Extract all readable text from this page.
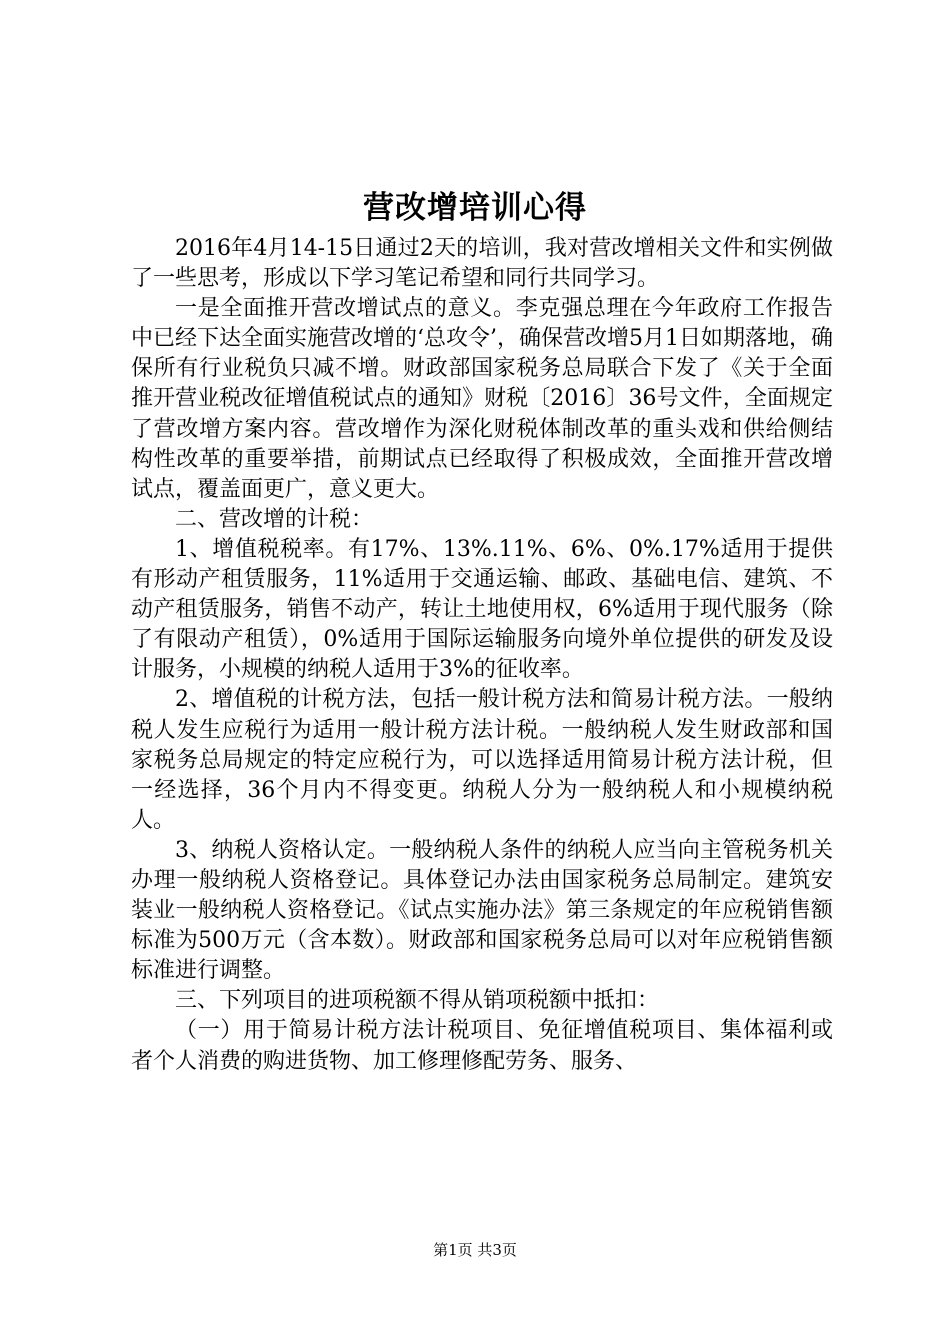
营改增培训心得

2016年4月14-15日通过2天的培训，我对营改增相关文件和实例做了一些思考，形成以下学习笔记希望和同行共同学习。

一是全面推开营改增试点的意义。李克强总理在今年政府工作报告中已经下达全面实施营改增的‘总攻令’，确保营改增5月1日如期落地，确保所有行业税负只减不增。财政部国家税务总局联合下发了《关于全面推开营业税改征增值税试点的通知》财税〔2016〕36号文件，全面规定了营改增方案内容。营改增作为深化财税体制改革的重头戏和供给侧结构性改革的重要举措，前期试点已经取得了积极成效，全面推开营改增试点，覆盖面更广，意义更大。

二、营改增的计税：

1、增值税税率。有17%、13%.11%、6%、0%.17%适用于提供有形动产租赁服务，11%适用于交通运输、邮政、基础电信、建筑、不动产租赁服务，销售不动产，转让土地使用权，6%适用于现代服务（除了有限动产租赁），0%适用于国际运输服务向境外单位提供的研发及设计服务，小规模的纳税人适用于3%的征收率。

2、增值税的计税方法，包括一般计税方法和简易计税方法。一般纳税人发生应税行为适用一般计税方法计税。一般纳税人发生财政部和国家税务总局规定的特定应税行为，可以选择适用简易计税方法计税，但一经选择，36个月内不得变更。纳税人分为一般纳税人和小规模纳税人。

3、纳税人资格认定。一般纳税人条件的纳税人应当向主管税务机关办理一般纳税人资格登记。具体登记办法由国家税务总局制定。建筑安装业一般纳税人资格登记。《试点实施办法》第三条规定的年应税销售额标准为500万元（含本数）。财政部和国家税务总局可以对年应税销售额标准进行调整。

三、下列项目的进项税额不得从销项税额中抵扣：

（一）用于简易计税方法计税项目、免征增值税项目、集体福利或者个人消费的购进货物、加工修理修配劳务、服务、

第1页 共3页
